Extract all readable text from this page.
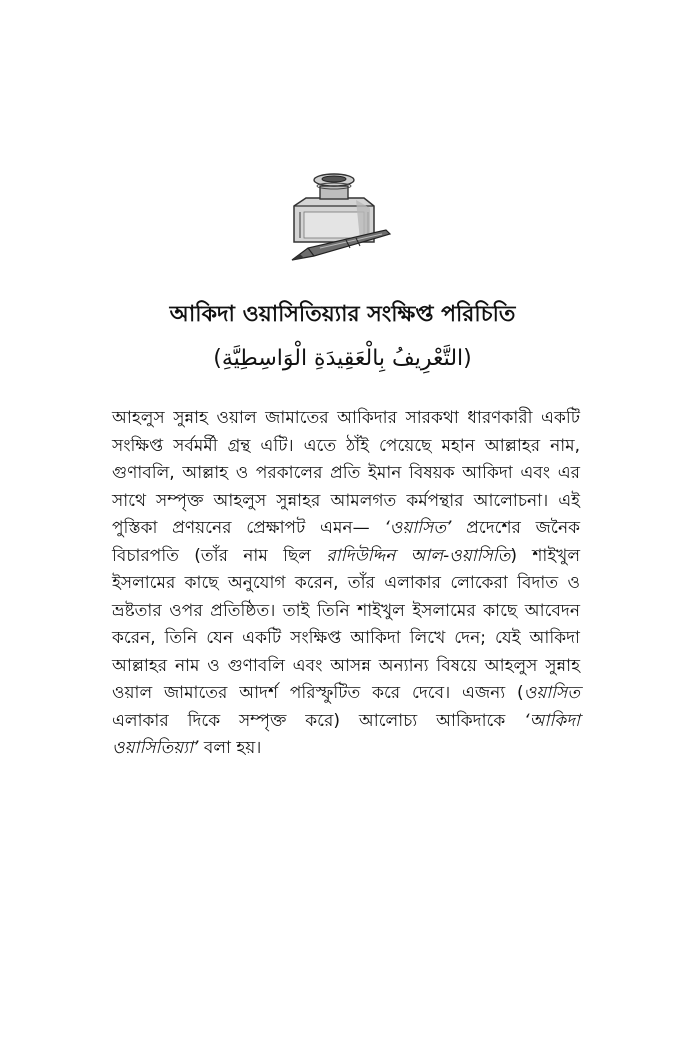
আকিদা ওয়াসিতিয়্যার সংক্ষিপ্ত পরিচিতি

(التَّعْرِيفُ بِالْعَقِيدَةِ الْوَاسِطِيَّةِ)

আহলুস সুন্নাহ ওয়াল জামাতের আকিদার সারকথা ধারণকারী একটি সংক্ষিপ্ত সর্বমর্মী গ্রন্থ এটি। এতে ঠাঁই পেয়েছে মহান আল্লাহর নাম, গুণাবলি, আল্লাহ ও পরকালের প্রতি ইমান বিষয়ক আকিদা এবং এর সাথে সম্পৃক্ত আহলুস সুন্নাহর আমলগত কর্মপন্থার আলোচনা। এই পুস্তিকা প্রণয়নের প্রেক্ষাপট এমন— ‘ওয়াসিত’ প্রদেশের জনৈক বিচারপতি (তাঁর নাম ছিল রাদিউদ্দিন আল-ওয়াসিতি) শাইখুল ইসলামের কাছে অনুযোগ করেন, তাঁর এলাকার লোকেরা বিদাত ও ভ্রষ্টতার ওপর প্রতিষ্ঠিত। তাই তিনি শাইখুল ইসলামের কাছে আবেদন করেন, তিনি যেন একটি সংক্ষিপ্ত আকিদা লিখে দেন; যেই আকিদা আল্লাহর নাম ও গুণাবলি এবং আসন্ন অন্যান্য বিষয়ে আহলুস সুন্নাহ ওয়াল জামাতের আদর্শ পরিস্ফুটিত করে দেবে। এজন্য (ওয়াসিত এলাকার দিকে সম্পৃক্ত করে) আলোচ্য আকিদাকে ‘আকিদা ওয়াসিতিয়্যা’ বলা হয়।
